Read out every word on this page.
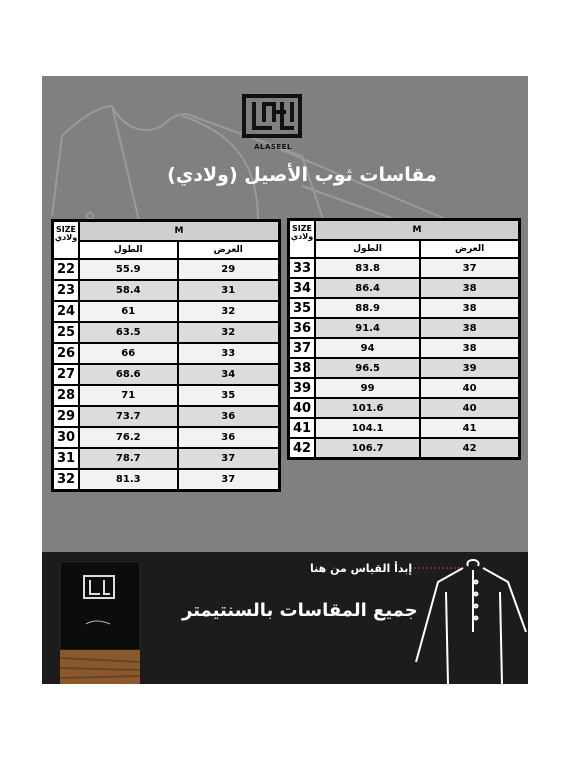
ALASEEL
مقاسات ثوب الأصيل (ولادي)
SIZE
ولادي	M	
	الطول	العرض
22	55.9	29
23	58.4	31
24	61	32
25	63.5	32
26	66	33
27	68.6	34
28	71	35
29	73.7	36
30	76.2	36
31	78.7	37
32	81.3	37
SIZE
ولادي	M	
	الطول	العرض
33	83.8	37
34	86.4	38
35	88.9	38
36	91.4	38
37	94	38
38	96.5	39
39	99	40
40	101.6	40
41	104.1	41
42	106.7	42
إبدأ القياس من هنا
جميع المقاسات بالسنتيمتر
